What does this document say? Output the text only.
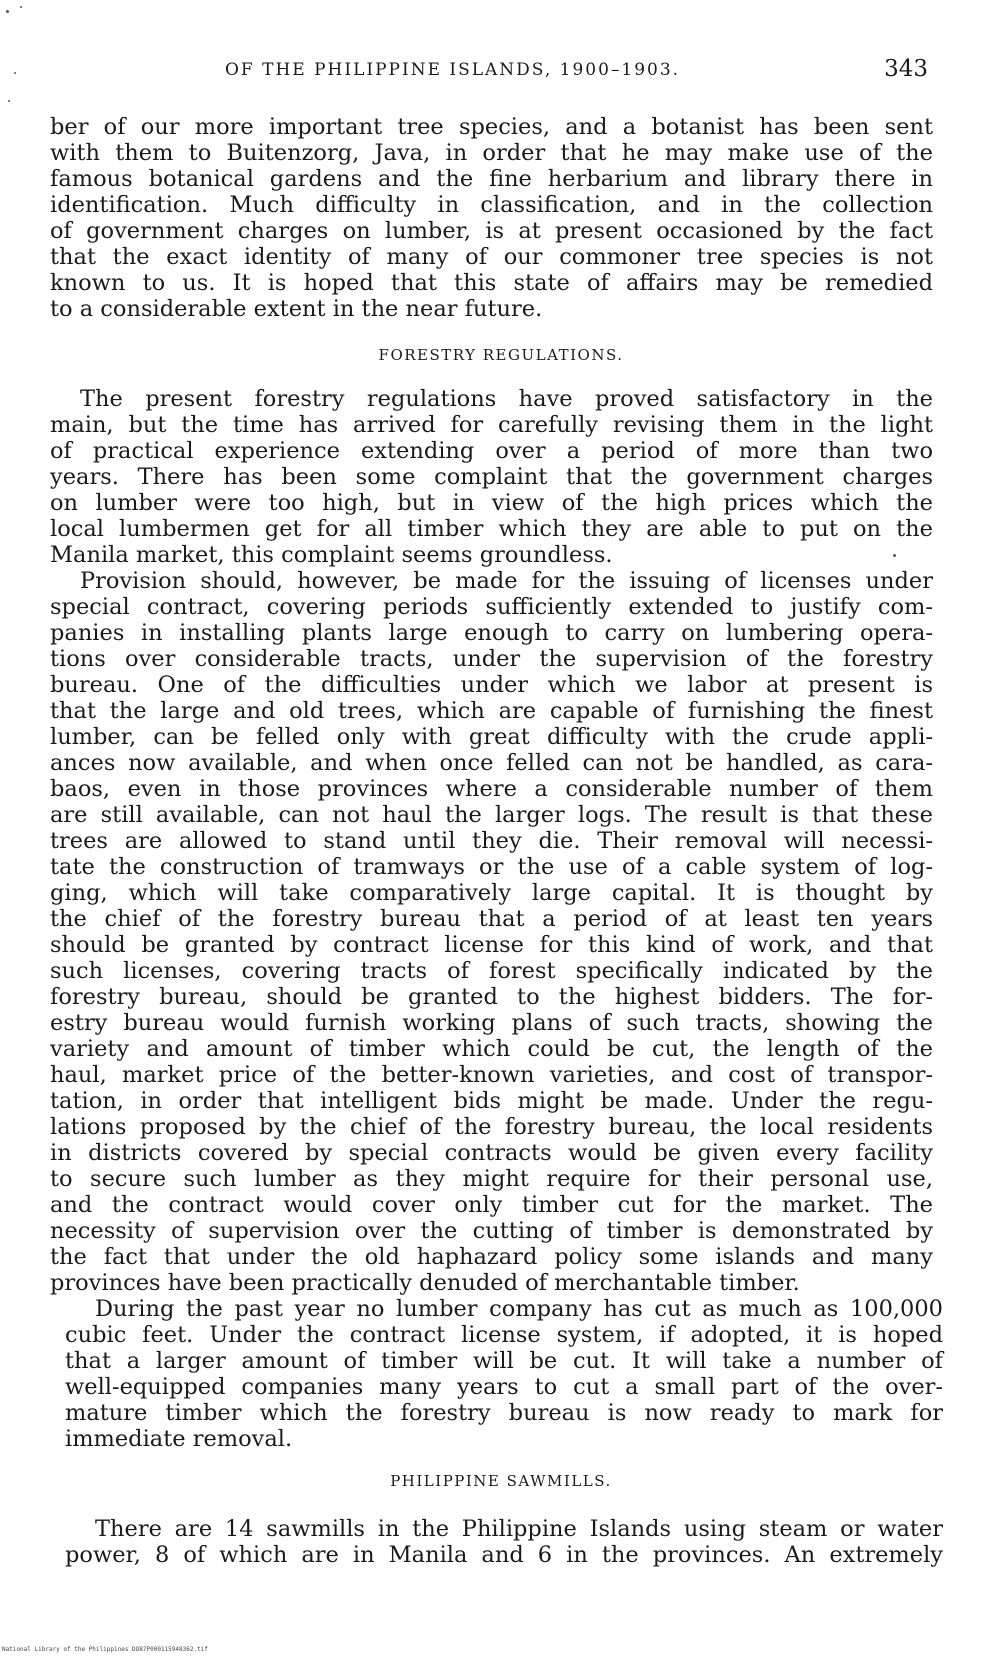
OF THE PHILIPPINE ISLANDS, 1900–1903.	343
ber of our more important tree species, and a botanist has been sent
with them to Buitenzorg, Java, in order that he may make use of the
famous botanical gardens and the fine herbarium and library there in
identification. Much difficulty in classification, and in the collection
of government charges on lumber, is at present occasioned by the fact
that the exact identity of many of our commoner tree species is not
known to us. It is hoped that this state of affairs may be remedied
to a considerable extent in the near future.
FORESTRY REGULATIONS.
The present forestry regulations have proved satisfactory in the
main, but the time has arrived for carefully revising them in the light
of practical experience extending over a period of more than two
years. There has been some complaint that the government charges
on lumber were too high, but in view of the high prices which the
local lumbermen get for all timber which they are able to put on the
Manila market, this complaint seems groundless.
Provision should, however, be made for the issuing of licenses under
special contract, covering periods sufficiently extended to justify com-
panies in installing plants large enough to carry on lumbering opera-
tions over considerable tracts, under the supervision of the forestry
bureau. One of the difficulties under which we labor at present is
that the large and old trees, which are capable of furnishing the finest
lumber, can be felled only with great difficulty with the crude appli-
ances now available, and when once felled can not be handled, as cara-
baos, even in those provinces where a considerable number of them
are still available, can not haul the larger logs. The result is that these
trees are allowed to stand until they die. Their removal will necessi-
tate the construction of tramways or the use of a cable system of log-
ging, which will take comparatively large capital. It is thought by
the chief of the forestry bureau that a period of at least ten years
should be granted by contract license for this kind of work, and that
such licenses, covering tracts of forest specifically indicated by the
forestry bureau, should be granted to the highest bidders. The for-
estry bureau would furnish working plans of such tracts, showing the
variety and amount of timber which could be cut, the length of the
haul, market price of the better-known varieties, and cost of transpor-
tation, in order that intelligent bids might be made. Under the regu-
lations proposed by the chief of the forestry bureau, the local residents
in districts covered by special contracts would be given every facility
to secure such lumber as they might require for their personal use,
and the contract would cover only timber cut for the market. The
necessity of supervision over the cutting of timber is demonstrated by
the fact that under the old haphazard policy some islands and many
provinces have been practically denuded of merchantable timber.
During the past year no lumber company has cut as much as 100,000
cubic feet. Under the contract license system, if adopted, it is hoped
that a larger amount of timber will be cut. It will take a number of
well-equipped companies many years to cut a small part of the over-
mature timber which the forestry bureau is now ready to mark for
immediate removal.
PHILIPPINE SAWMILLS.
There are 14 sawmills in the Philippine Islands using steam or water
power, 8 of which are in Manila and 6 in the provinces. An extremely
National Library of the Philippines DO87P000115948362.tif
